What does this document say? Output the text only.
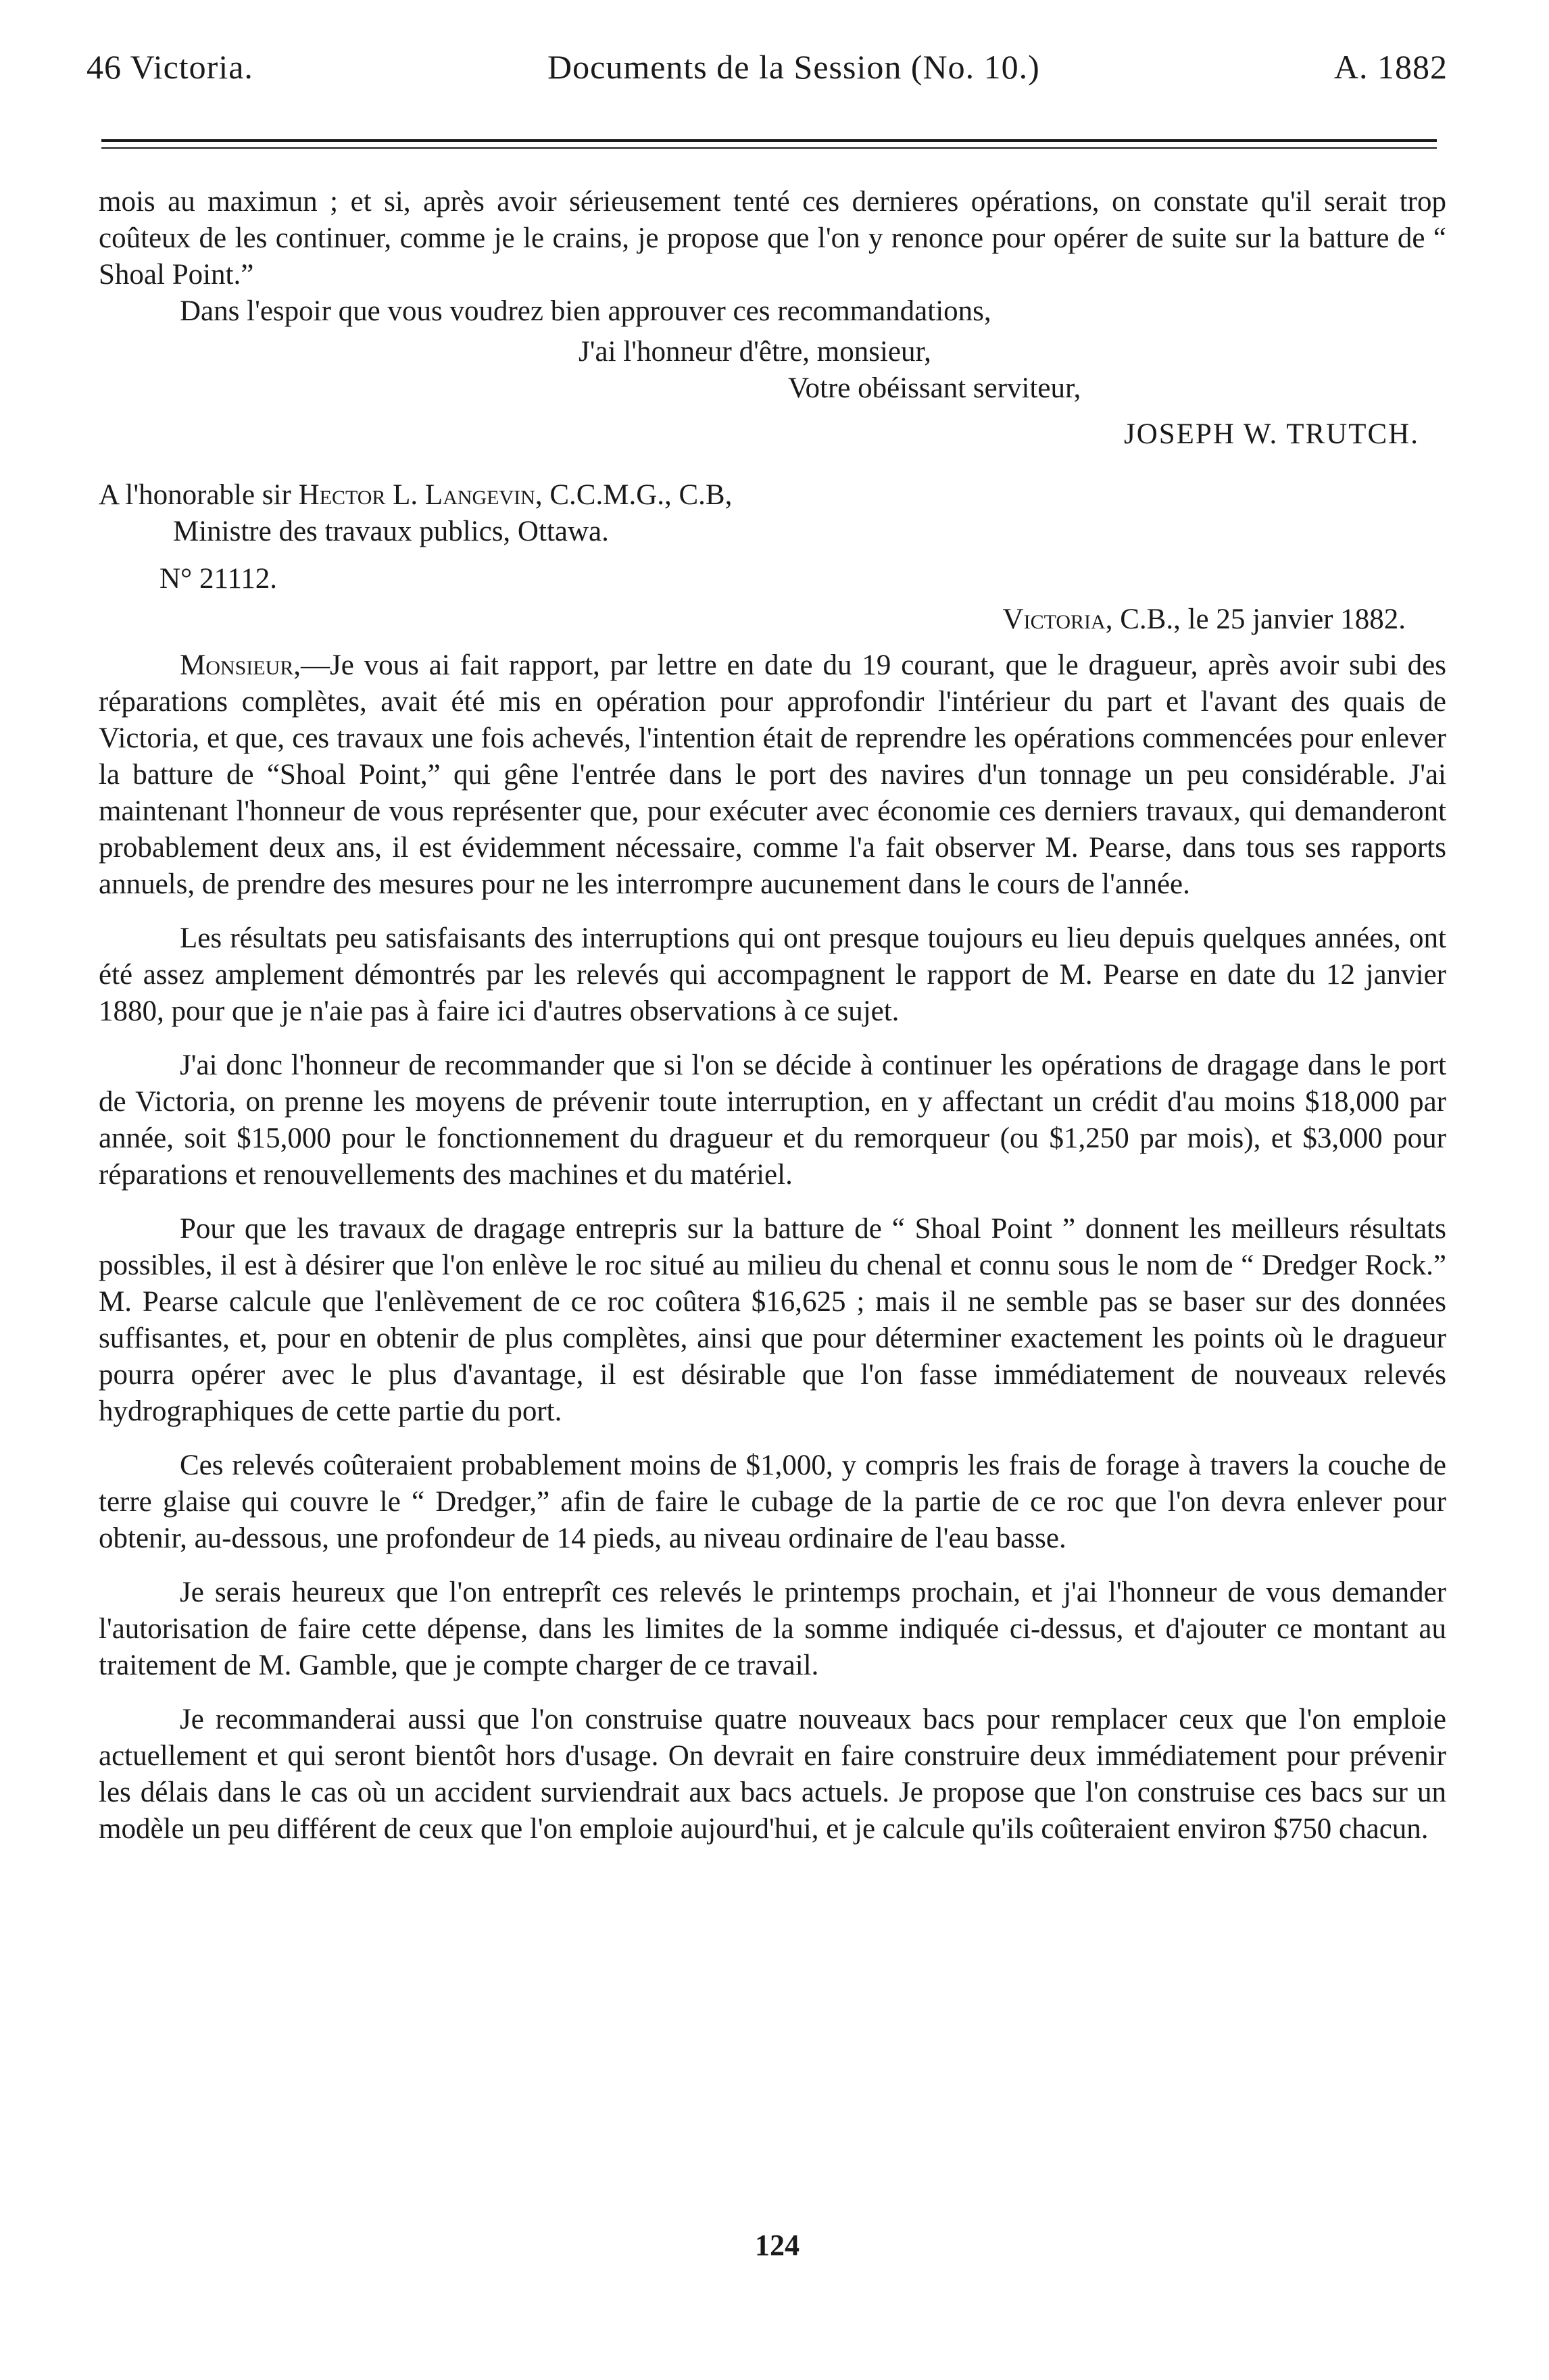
46 Victoria.	Documents de la Session (No. 10.)	A. 1882

mois au maximun ; et si, après avoir sérieusement tenté ces dernieres opérations, on constate qu'il serait trop coûteux de les continuer, comme je le crains, je propose que l'on y renonce pour opérer de suite sur la batture de “ Shoal Point.”

Dans l'espoir que vous voudrez bien approuver ces recommandations,

J'ai l'honneur d'être, monsieur,

Votre obéissant serviteur,

JOSEPH W. TRUTCH.

A l'honorable sir Hector L. Langevin, C.C.M.G., C.B,

Ministre des travaux publics, Ottawa.

N° 21112.

Victoria, C.B., le 25 janvier 1882.

Monsieur,—Je vous ai fait rapport, par lettre en date du 19 courant, que le dragueur, après avoir subi des réparations complètes, avait été mis en opération pour approfondir l'intérieur du part et l'avant des quais de Victoria, et que, ces travaux une fois achevés, l'intention était de reprendre les opérations commencées pour enlever la batture de “Shoal Point,” qui gêne l'entrée dans le port des navires d'un tonnage un peu considérable. J'ai maintenant l'honneur de vous représenter que, pour exécuter avec économie ces derniers travaux, qui demanderont probablement deux ans, il est évidemment nécessaire, comme l'a fait observer M. Pearse, dans tous ses rapports annuels, de prendre des mesures pour ne les interrompre aucunement dans le cours de l'année.

Les résultats peu satisfaisants des interruptions qui ont presque toujours eu lieu depuis quelques années, ont été assez amplement démontrés par les relevés qui accompagnent le rapport de M. Pearse en date du 12 janvier 1880, pour que je n'aie pas à faire ici d'autres observations à ce sujet.

J'ai donc l'honneur de recommander que si l'on se décide à continuer les opérations de dragage dans le port de Victoria, on prenne les moyens de prévenir toute interruption, en y affectant un crédit d'au moins $18,000 par année, soit $15,000 pour le fonctionnement du dragueur et du remorqueur (ou $1,250 par mois), et $3,000 pour réparations et renouvellements des machines et du matériel.

Pour que les travaux de dragage entrepris sur la batture de “ Shoal Point ” donnent les meilleurs résultats possibles, il est à désirer que l'on enlève le roc situé au milieu du chenal et connu sous le nom de “ Dredger Rock.” M. Pearse calcule que l'enlèvement de ce roc coûtera $16,625 ; mais il ne semble pas se baser sur des données suffisantes, et, pour en obtenir de plus complètes, ainsi que pour déterminer exactement les points où le dragueur pourra opérer avec le plus d'avantage, il est désirable que l'on fasse immédiatement de nouveaux relevés hydrographiques de cette partie du port.

Ces relevés coûteraient probablement moins de $1,000, y compris les frais de forage à travers la couche de terre glaise qui couvre le “ Dredger,” afin de faire le cubage de la partie de ce roc que l'on devra enlever pour obtenir, au-dessous, une profondeur de 14 pieds, au niveau ordinaire de l'eau basse.

Je serais heureux que l'on entreprît ces relevés le printemps prochain, et j'ai l'honneur de vous demander l'autorisation de faire cette dépense, dans les limites de la somme indiquée ci-dessus, et d'ajouter ce montant au traitement de M. Gamble, que je compte charger de ce travail.

Je recommanderai aussi que l'on construise quatre nouveaux bacs pour remplacer ceux que l'on emploie actuellement et qui seront bientôt hors d'usage. On devrait en faire construire deux immédiatement pour prévenir les délais dans le cas où un accident surviendrait aux bacs actuels. Je propose que l'on construise ces bacs sur un modèle un peu différent de ceux que l'on emploie aujourd'hui, et je calcule qu'ils coûteraient environ $750 chacun.

124
